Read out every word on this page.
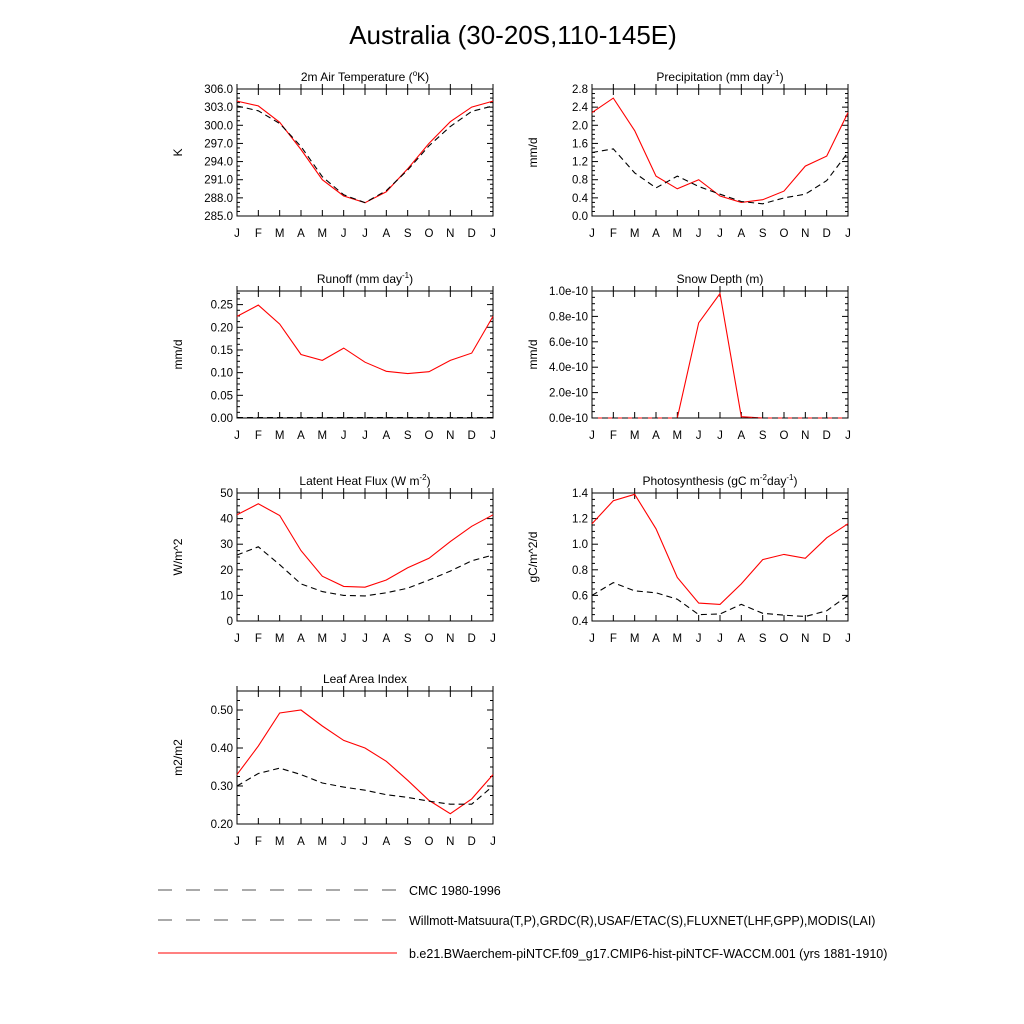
Australia (30-20S,110-145E)
2m Air Temperature ($^o$K)
J F M A M J J A S O N D J
285.0
288.0
291.0
294.0
297.0
300.0
303.0
306.0
K
Precipitation (mm day$^{-1}$)
J F M A M J J A S O N D J
0.0
0.4
0.8
1.2
1.6
2.0
2.4
2.8
mm/d
Runoff (mm day$^{-1}$)
J F M A M J J A S O N D J
0.00
0.05
0.10
0.15
0.20
0.25
mm/d
Snow Depth (m)
J F M A M J J A S O N D J
0.0e-10
2.0e-10
4.0e-10
6.0e-10
0.8e-10
1.0e-10
mm/d
Latent Heat Flux (W $m^{-2}$)
J F M A M J J A S O N D J
0
10
20
30
40
50
W/m^2
Photosynthesis (gC $m^{-2}day^{-1}$)
J F M A M J J A S O N D J
0.4
0.6
0.8
1.0
1.2
1.4
gC/m^2/d
Leaf Area Index
J F M A M J J A S O N D J
0.20
0.30
0.40
0.50
m2/m2
CMC 1980-1996
Willmott-Matsuura(T,P),GRDC(R),USAF/ETAC(S),FLUXNET(LHF,GPP),MODIS(LAI)
b.e21.BWaerchem-piNTCF.f09_g17.CMIP6-hist-piNTCF-WACCM.001 (yrs 1881-1910)
